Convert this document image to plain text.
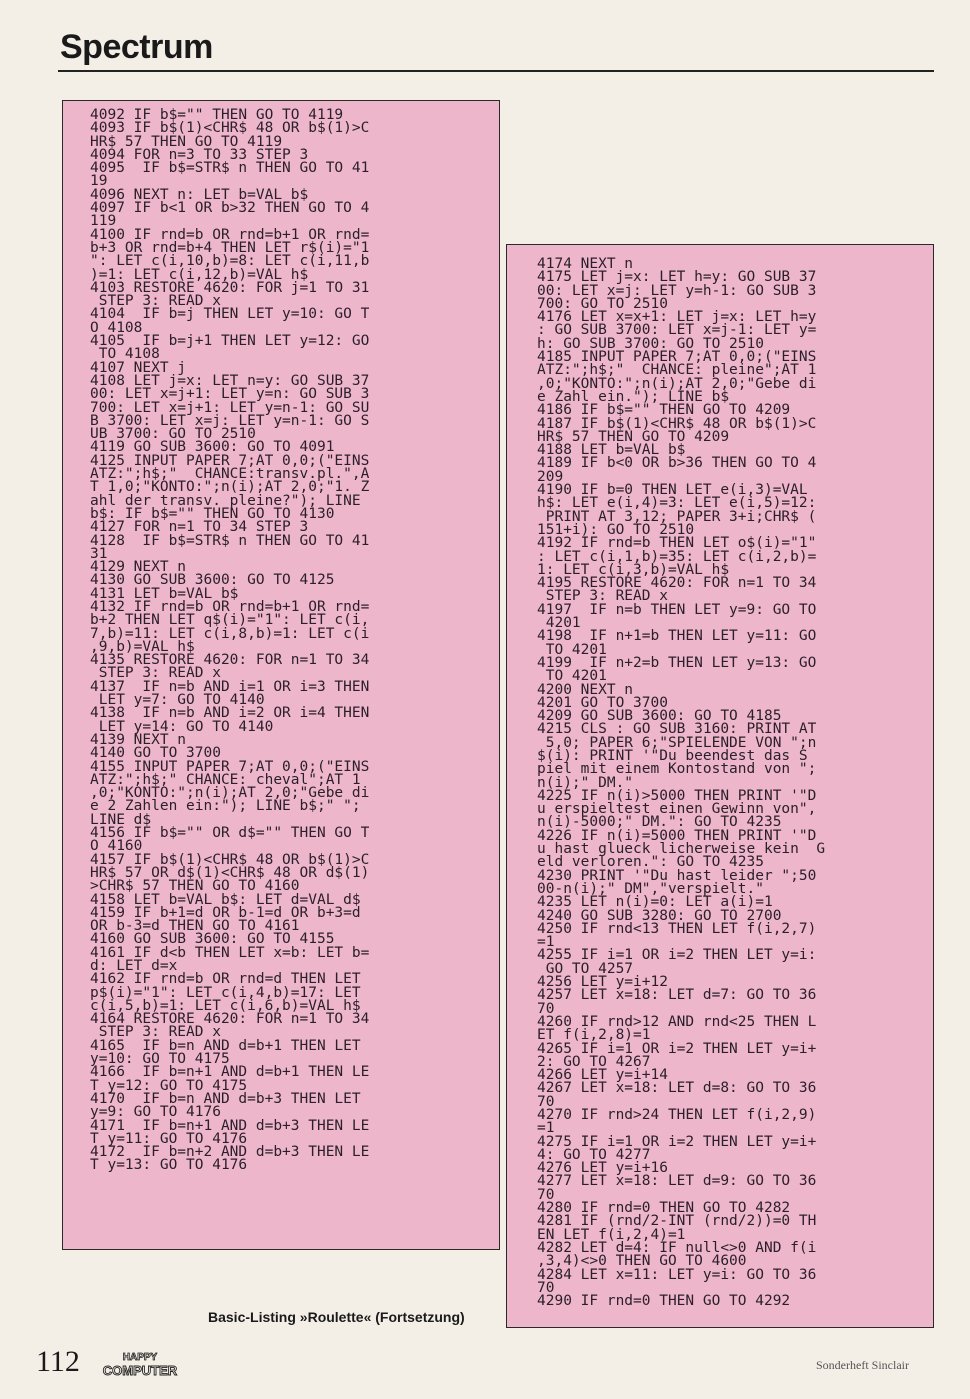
Spectrum
4092 IF b$="" THEN GO TO 4119
4093 IF b$(1)<CHR$ 48 OR b$(1)>C
HR$ 57 THEN GO TO 4119
4094 FOR n=3 TO 33 STEP 3
4095  IF b$=STR$ n THEN GO TO 41
19
4096 NEXT n: LET b=VAL b$
4097 IF b<1 OR b>32 THEN GO TO 4
119
4100 IF rnd=b OR rnd=b+1 OR rnd=
b+3 OR rnd=b+4 THEN LET r$(i)="1
": LET c(i,10,b)=8: LET c(i,11,b
)=1: LET c(i,12,b)=VAL h$
4103 RESTORE 4620: FOR j=1 TO 31
STEP 3: READ x
4104  IF b=j THEN LET y=10: GO T
O 4108
4105  IF b=j+1 THEN LET y=12: GO
TO 4108
4107 NEXT j
4108 LET j=x: LET n=y: GO SUB 37
00: LET x=j+1: LET y=n: GO SUB 3
700: LET x=j+1: LET y=n-1: GO SU
B 3700: LET x=j: LET y=n-1: GO S
UB 3700: GO TO 2510
4119 GO SUB 3600: GO TO 4091
4125 INPUT PAPER 7;AT 0,0;("EINS
ATZ:";h$;"  CHANCE:transv.pl.",A
T 1,0;"KONTO:";n(i);AT 2,0;"1. Z
ahl der transv. pleine?"); LINE
b$: IF b$="" THEN GO TO 4130
4127 FOR n=1 TO 34 STEP 3
4128  IF b$=STR$ n THEN GO TO 41
31
4129 NEXT n
4130 GO SUB 3600: GO TO 4125
4131 LET b=VAL b$
4132 IF rnd=b OR rnd=b+1 OR rnd=
b+2 THEN LET q$(i)="1": LET c(i,
7,b)=11: LET c(i,8,b)=1: LET c(i
,9,b)=VAL h$
4135 RESTORE 4620: FOR n=1 TO 34
STEP 3: READ x
4137  IF n=b AND i=1 OR i=3 THEN
LET y=7: GO TO 4140
4138  IF n=b AND i=2 OR i=4 THEN
LET y=14: GO TO 4140
4139 NEXT n
4140 GO TO 3700
4155 INPUT PAPER 7;AT 0,0;("EINS
ATZ:";h$;" CHANCE: cheval";AT 1
,0;"KONTO:";n(i);AT 2,0;"Gebe di
e 2 Zahlen ein:"); LINE b$;" ";
LINE d$
4156 IF b$="" OR d$="" THEN GO T
O 4160
4157 IF b$(1)<CHR$ 48 OR b$(1)>C
HR$ 57 OR d$(1)<CHR$ 48 OR d$(1)
>CHR$ 57 THEN GO TO 4160
4158 LET b=VAL b$: LET d=VAL d$
4159 IF b+1=d OR b-1=d OR b+3=d
OR b-3=d THEN GO TO 4161
4160 GO SUB 3600: GO TO 4155
4161 IF d<b THEN LET x=b: LET b=
d: LET d=x
4162 IF rnd=b OR rnd=d THEN LET
p$(i)="1": LET c(i,4,b)=17: LET
c(i,5,b)=1: LET c(i,6,b)=VAL h$
4164 RESTORE 4620: FOR n=1 TO 34
STEP 3: READ x
4165  IF b=n AND d=b+1 THEN LET
y=10: GO TO 4175
4166  IF b=n+1 AND d=b+1 THEN LE
T y=12: GO TO 4175
4170  IF b=n AND d=b+3 THEN LET
y=9: GO TO 4176
4171  IF b=n+1 AND d=b+3 THEN LE
T y=11: GO TO 4176
4172  IF b=n+2 AND d=b+3 THEN LE
T y=13: GO TO 4176
4174 NEXT n
4175 LET j=x: LET h=y: GO SUB 37
00: LET x=j: LET y=h-1: GO SUB 3
700: GO TO 2510
4176 LET x=x+1: LET j=x: LET h=y
: GO SUB 3700: LET x=j-1: LET y=
h: GO SUB 3700: GO TO 2510
4185 INPUT PAPER 7;AT 0,0;("EINS
ATZ:";h$;"  CHANCE: pleine";AT 1
,0;"KONTO:";n(i);AT 2,0;"Gebe di
e Zahl ein."); LINE b$
4186 IF b$="" THEN GO TO 4209
4187 IF b$(1)<CHR$ 48 OR b$(1)>C
HR$ 57 THEN GO TO 4209
4188 LET b=VAL b$
4189 IF b<0 OR b>36 THEN GO TO 4
209
4190 IF b=0 THEN LET e(i,3)=VAL
h$: LET e(i,4)=3: LET e(i,5)=12:
PRINT AT 3,12; PAPER 3+i;CHR$ (
151+i): GO TO 2510
4192 IF rnd=b THEN LET o$(i)="1"
: LET c(i,1,b)=35: LET c(i,2,b)=
1: LET c(i,3,b)=VAL h$
4195 RESTORE 4620: FOR n=1 TO 34
STEP 3: READ x
4197  IF n=b THEN LET y=9: GO TO
4201
4198  IF n+1=b THEN LET y=11: GO
TO 4201
4199  IF n+2=b THEN LET y=13: GO
TO 4201
4200 NEXT n
4201 GO TO 3700
4209 GO SUB 3600: GO TO 4185
4215 CLS : GO SUB 3160: PRINT AT
5,0; PAPER 6;"SPIELENDE VON ";n
$(i): PRINT '"Du beendest das S
piel mit einem Kontostand von ";
n(i);" DM."
4225 IF n(i)>5000 THEN PRINT '"D
u erspieltest einen Gewinn von",
n(i)-5000;" DM.": GO TO 4235
4226 IF n(i)=5000 THEN PRINT '"D
u hast glueck licherweise kein  G
eld verloren.": GO TO 4235
4230 PRINT '"Du hast leider ";50
00-n(i);" DM","verspielt."
4235 LET n(i)=0: LET a(i)=1
4240 GO SUB 3280: GO TO 2700
4250 IF rnd<13 THEN LET f(i,2,7)
=1
4255 IF i=1 OR i=2 THEN LET y=i:
GO TO 4257
4256 LET y=i+12
4257 LET x=18: LET d=7: GO TO 36
70
4260 IF rnd>12 AND rnd<25 THEN L
ET f(i,2,8)=1
4265 IF i=1 OR i=2 THEN LET y=i+
2: GO TO 4267
4266 LET y=i+14
4267 LET x=18: LET d=8: GO TO 36
70
4270 IF rnd>24 THEN LET f(i,2,9)
=1
4275 IF i=1 OR i=2 THEN LET y=i+
4: GO TO 4277
4276 LET y=i+16
4277 LET x=18: LET d=9: GO TO 36
70
4280 IF rnd=0 THEN GO TO 4282
4281 IF (rnd/2-INT (rnd/2))=0 TH
EN LET f(i,2,4)=1
4282 LET d=4: IF null<>0 AND f(i
,3,4)<>0 THEN GO TO 4600
4284 LET x=11: LET y=i: GO TO 36
70
4290 IF rnd=0 THEN GO TO 4292
Basic-Listing »Roulette« (Fortsetzung)
112	HAPPY
COMPUTER	Sonderheft Sinclair
